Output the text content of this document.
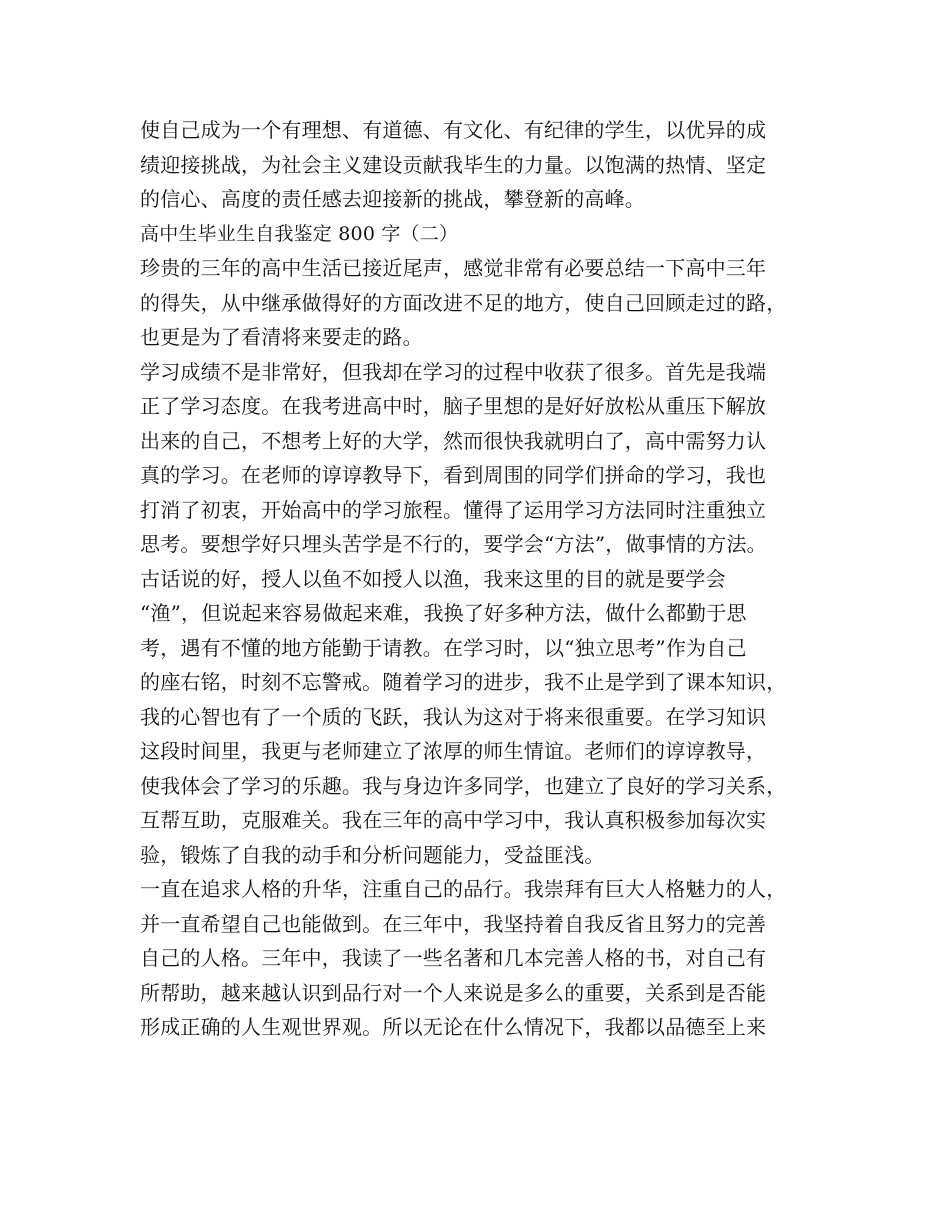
使自己成为一个有理想、有道德、有文化、有纪律的学生，以优异的成
绩迎接挑战，为社会主义建设贡献我毕生的力量。以饱满的热情、坚定
的信心、高度的责任感去迎接新的挑战，攀登新的高峰。
高中生毕业生自我鉴定 800 字（二）
珍贵的三年的高中生活已接近尾声，感觉非常有必要总结一下高中三年
的得失，从中继承做得好的方面改进不足的地方，使自己回顾走过的路，
也更是为了看清将来要走的路。
学习成绩不是非常好，但我却在学习的过程中收获了很多。首先是我端
正了学习态度。在我考进高中时，脑子里想的是好好放松从重压下解放
出来的自己，不想考上好的大学，然而很快我就明白了，高中需努力认
真的学习。在老师的谆谆教导下，看到周围的同学们拼命的学习，我也
打消了初衷，开始高中的学习旅程。懂得了运用学习方法同时注重独立
思考。要想学好只埋头苦学是不行的，要学会“方法”，做事情的方法。
古话说的好，授人以鱼不如授人以渔，我来这里的目的就是要学会
“渔”，但说起来容易做起来难，我换了好多种方法，做什么都勤于思
考，遇有不懂的地方能勤于请教。在学习时，以“独立思考”作为自己
的座右铭，时刻不忘警戒。随着学习的进步，我不止是学到了课本知识，
我的心智也有了一个质的飞跃，我认为这对于将来很重要。在学习知识
这段时间里，我更与老师建立了浓厚的师生情谊。老师们的谆谆教导，
使我体会了学习的乐趣。我与身边许多同学，也建立了良好的学习关系，
互帮互助，克服难关。我在三年的高中学习中，我认真积极参加每次实
验，锻炼了自我的动手和分析问题能力，受益匪浅。
一直在追求人格的升华，注重自己的品行。我崇拜有巨大人格魅力的人，
并一直希望自己也能做到。在三年中，我坚持着自我反省且努力的完善
自己的人格。三年中，我读了一些名著和几本完善人格的书，对自己有
所帮助，越来越认识到品行对一个人来说是多么的重要，关系到是否能
形成正确的人生观世界观。所以无论在什么情况下，我都以品德至上来
